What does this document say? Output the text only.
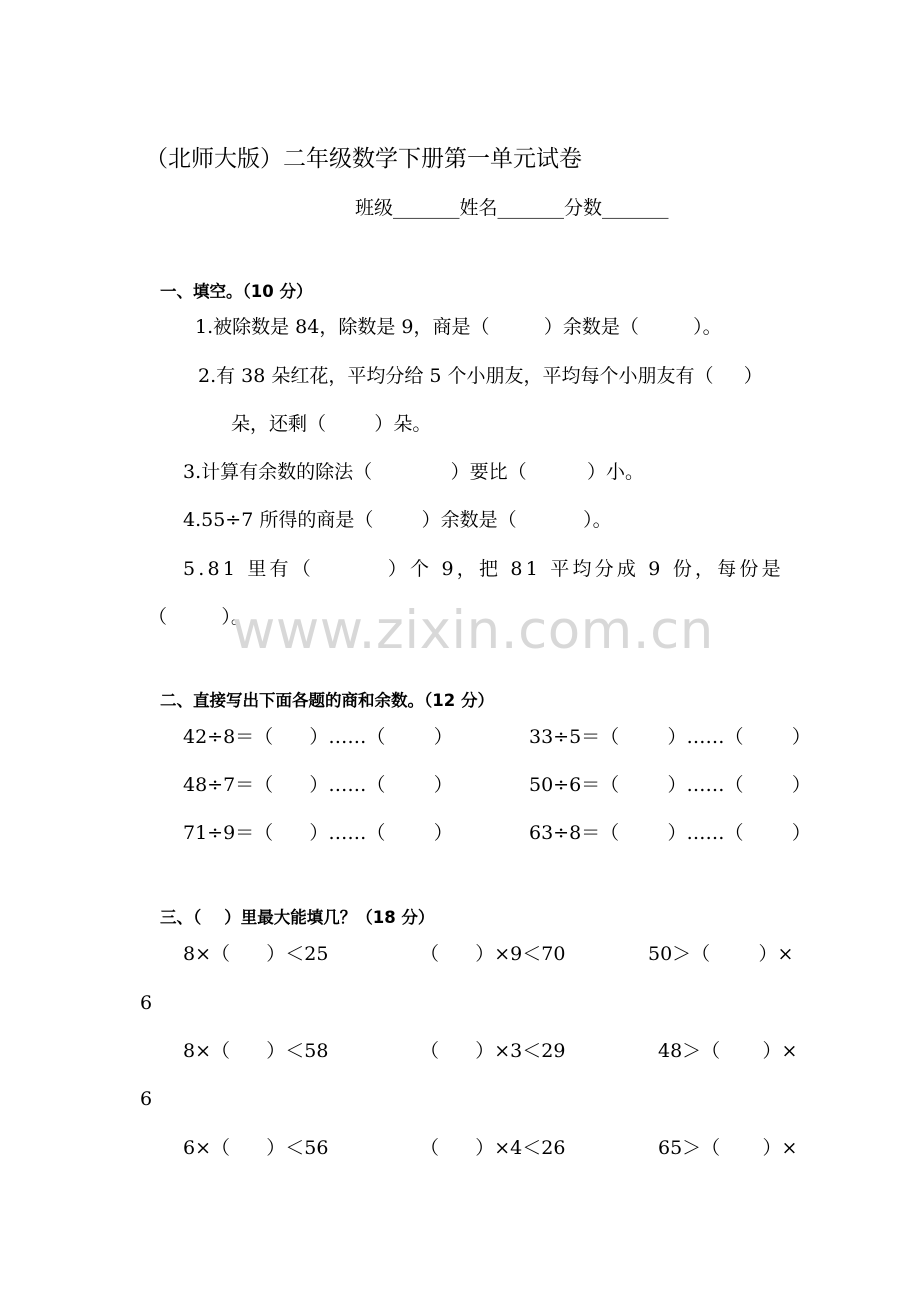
（北师大版）二年级数学下册第一单元试卷
班级_______姓名_______分数_______
一、填空。（10 分）
1.被除数是 84，除数是 9，商是（         ）余数是（         ）。
2.有 38 朵红花，平均分给 5 个小朋友，平均每个小朋友有（     ）
朵，还剩（        ）朵。
3.计算有余数的除法（             ）要比（          ）小。
4.55÷7 所得的商是（        ）余数是（           ）。
5.81 里有（        ）个 9，把 81 平均分成 9 份，每份是
（         ）。
www.zixin.com.cn
二、直接写出下面各题的商和余数。（12 分）
42÷8＝（      ）……（        ）	33÷5＝（        ）……（        ）
48÷7＝（      ）……（        ）	50÷6＝（        ）……（        ）
71÷9＝（      ）……（        ）	63÷8＝（        ）……（        ）
三、（    ）里最大能填几？（18 分）
8×（      ）＜25	（      ）×9＜70	50＞（        ）×
6
8×（      ）＜58	（      ）×3＜29	48＞（       ）×
6
6×（      ）＜56	（      ）×4＜26	65＞（       ）×
